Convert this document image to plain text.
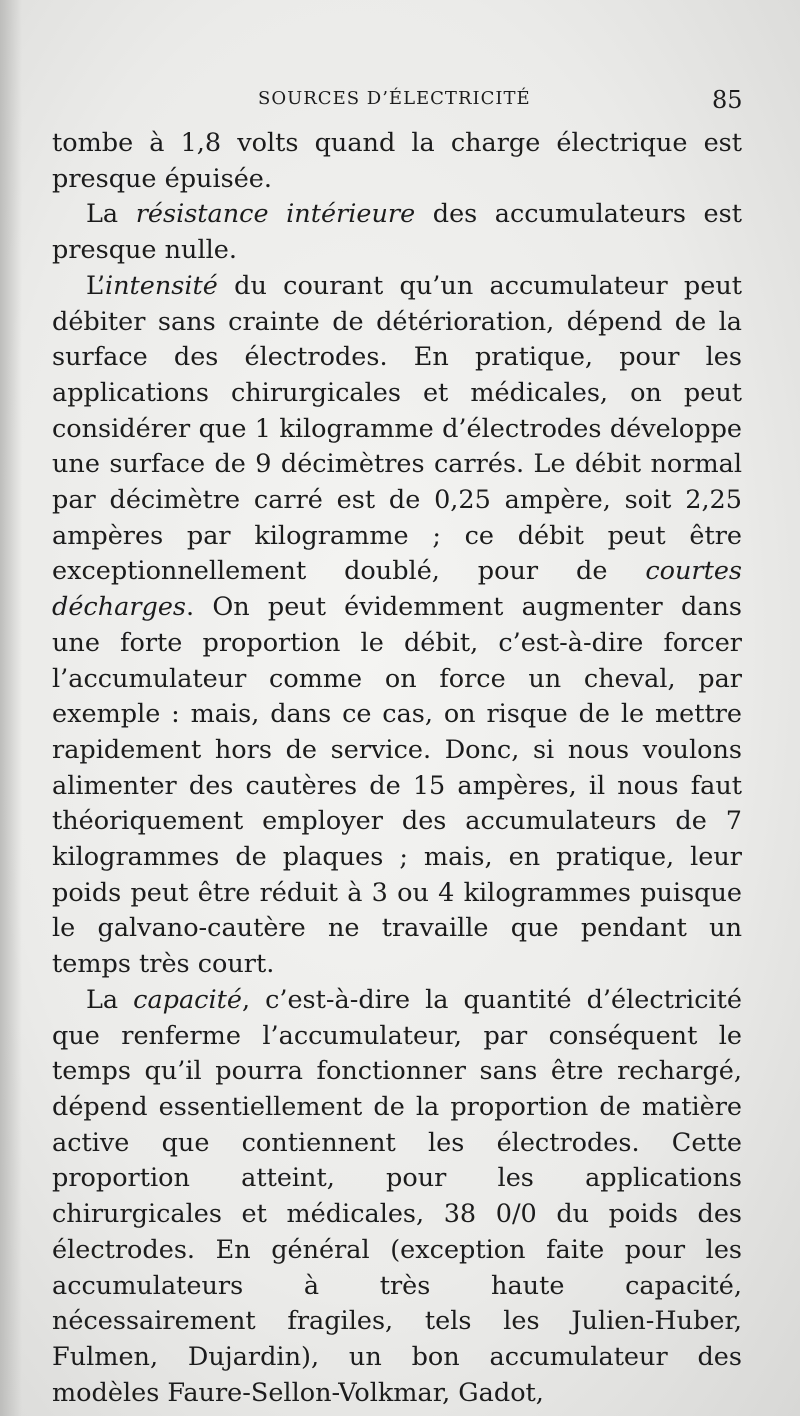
SOURCES D’ÉLECTRICITÉ	85

tombe à 1,8 volts quand la charge électrique est presque épuisée.

La résistance intérieure des accumulateurs est presque nulle.

L’intensité du courant qu’un accumulateur peut débiter sans crainte de détérioration, dépend de la surface des électrodes. En pratique, pour les applications chirurgicales et médicales, on peut considérer que 1 kilogramme d’électrodes développe une surface de 9 décimètres carrés. Le débit normal par décimètre carré est de 0,25 ampère, soit 2,25 ampères par kilogramme ; ce débit peut être exceptionnellement doublé, pour de courtes décharges. On peut évidemment augmenter dans une forte proportion le débit, c’est-à-dire forcer l’accumulateur comme on force un cheval, par exemple : mais, dans ce cas, on risque de le mettre rapidement hors de service. Donc, si nous voulons alimenter des cautères de 15 ampères, il nous faut théoriquement employer des accumulateurs de 7 kilogrammes de plaques ; mais, en pratique, leur poids peut être réduit à 3 ou 4 kilogrammes puisque le galvano-cautère ne travaille que pendant un temps très court.

La capacité, c’est-à-dire la quantité d’électricité que renferme l’accumulateur, par conséquent le temps qu’il pourra fonctionner sans être rechargé, dépend essentiellement de la proportion de matière active que contiennent les électrodes. Cette proportion atteint, pour les applications chirurgicales et médicales, 38 0/0 du poids des électrodes. En général (exception faite pour les accumulateurs à très haute capacité, nécessairement fragiles, tels les Julien-Huber, Fulmen, Dujardin), un bon accumulateur des modèles Faure-Sellon-Volkmar, Gadot,
